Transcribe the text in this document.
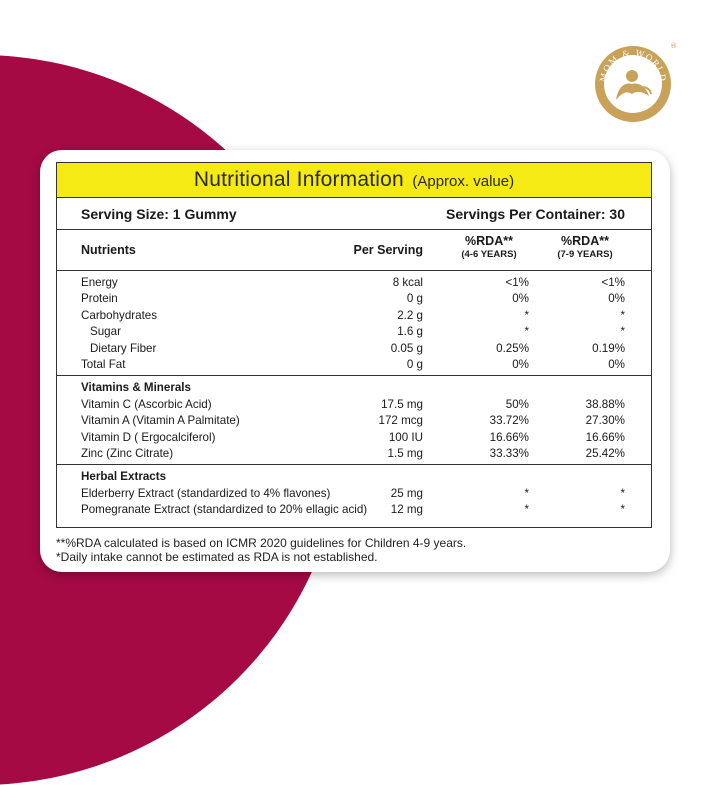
MOM & WORLD
®
Nutritional Information (Approx. value)
Serving Size: 1 Gummy	Servings Per Container: 30
Nutrients	Per Serving
%RDA**
(4-6 YEARS)
%RDA**
(7-9 YEARS)
Energy	8 kcal	<1%	<1%
Protein	0 g	0%	0%
Carbohydrates	2.2 g	*	*
Sugar	1.6 g	*	*
Dietary Fiber	0.05 g	0.25%	0.19%
Total Fat	0 g	0%	0%
Vitamins & Minerals
Vitamin C (Ascorbic Acid)	17.5 mg	50%	38.88%
Vitamin A (Vitamin A Palmitate)	172 mcg	33.72%	27.30%
Vitamin D ( Ergocalciferol)	100 IU	16.66%	16.66%
Zinc (Zinc Citrate)	1.5 mg	33.33%	25.42%
Herbal Extracts
Elderberry Extract (standardized to 4% flavones)	25 mg	*	*
Pomegranate Extract (standardized to 20% ellagic acid)	12 mg	*	*
**%RDA calculated is based on ICMR 2020 guidelines for Children 4-9 years.
*Daily intake cannot be estimated as RDA is not established.
